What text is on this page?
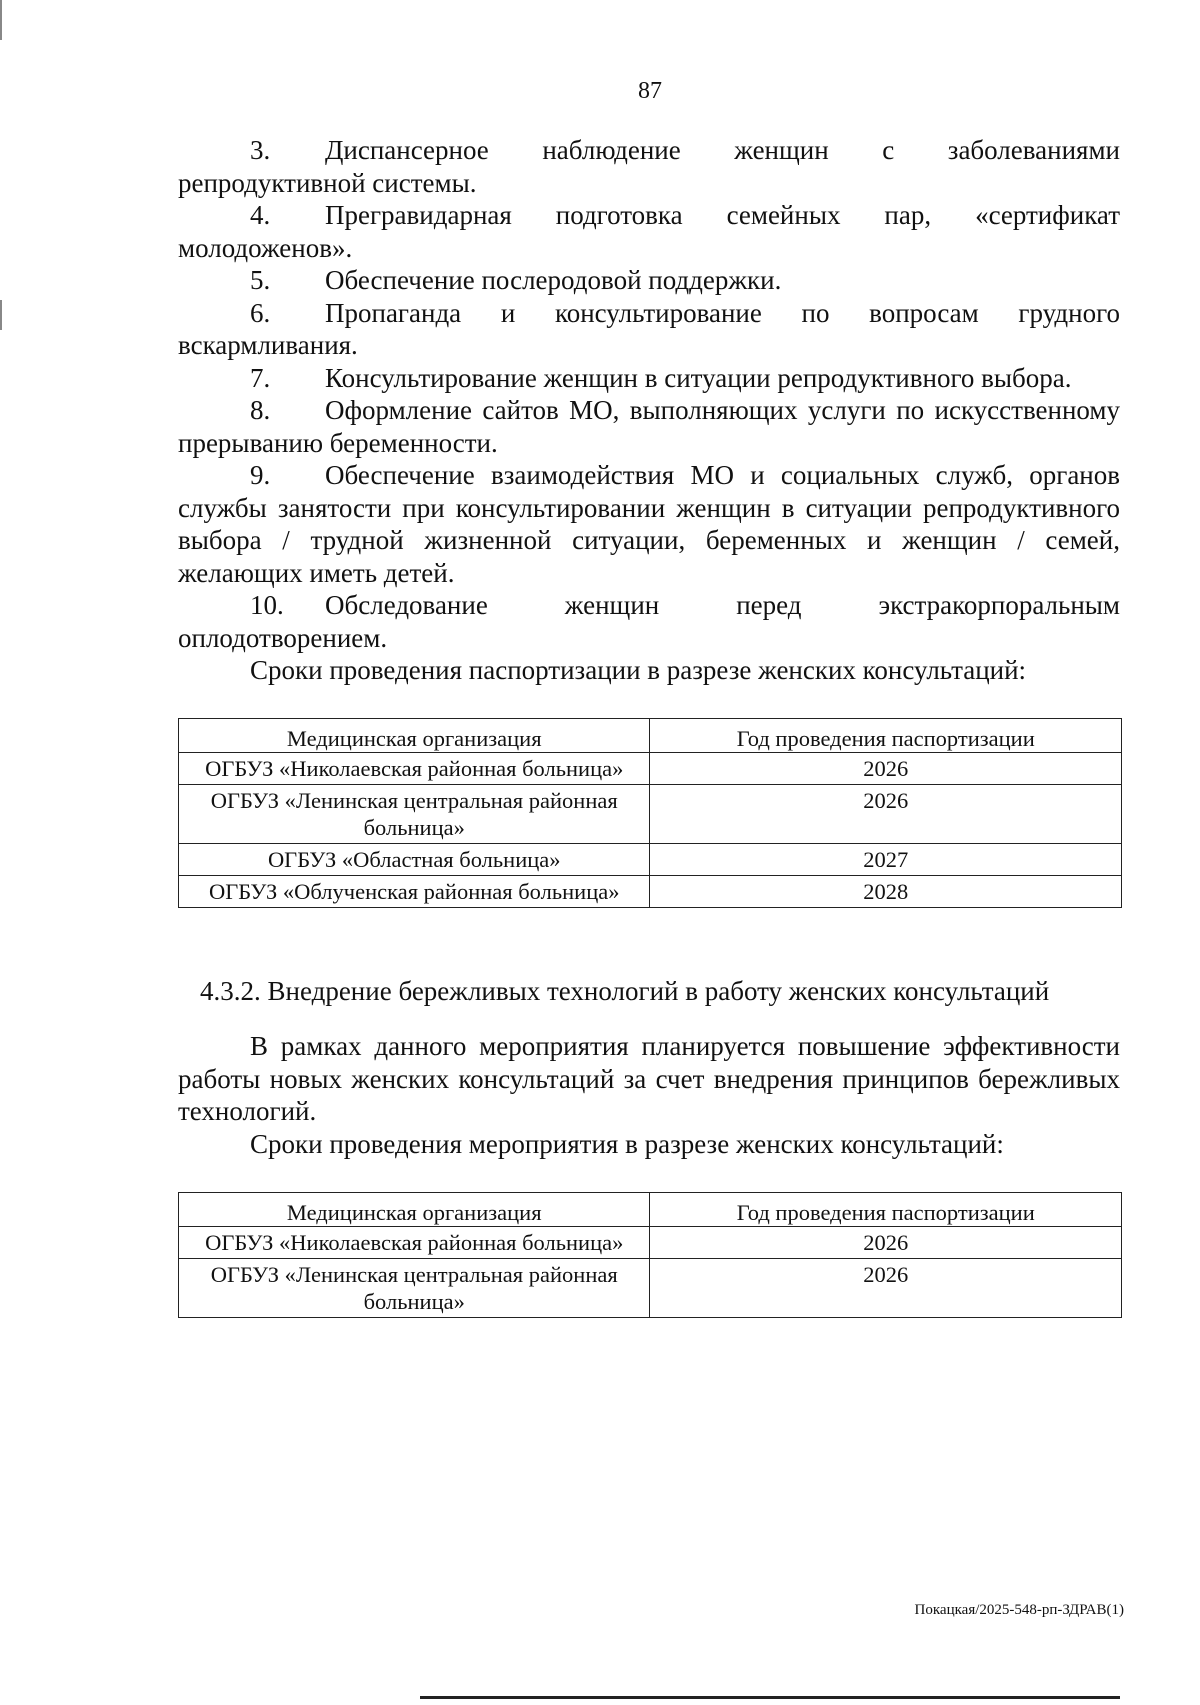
87

3. Диспансерное наблюдение женщин с заболеваниями репродуктивной системы.

4. Прегравидарная подготовка семейных пар, «сертификат молодоженов».

5. Обеспечение послеродовой поддержки.

6. Пропаганда и консультирование по вопросам грудного вскармливания.

7. Консультирование женщин в ситуации репродуктивного выбора.

8. Оформление сайтов МО, выполняющих услуги по искусственному прерыванию беременности.

9. Обеспечение взаимодействия МО и социальных служб, органов службы занятости при консультировании женщин в ситуации репродуктивного выбора / трудной жизненной ситуации, беременных и женщин / семей, желающих иметь детей.

10. Обследование женщин перед экстракорпоральным оплодотворением.

Сроки проведения паспортизации в разрезе женских консультаций:

Медицинская организация	Год проведения паспортизации
ОГБУЗ «Николаевская районная больница»	2026
ОГБУЗ «Ленинская центральная районная больница»	2026
ОГБУЗ «Областная больница»	2027
ОГБУЗ «Облученская районная больница»	2028
4.3.2. Внедрение бережливых технологий в работу женских консультаций

В рамках данного мероприятия планируется повышение эффективности работы новых женских консультаций за счет внедрения принципов бережливых технологий.

Сроки проведения мероприятия в разрезе женских консультаций:

Медицинская организация	Год проведения паспортизации
ОГБУЗ «Николаевская районная больница»	2026
ОГБУЗ «Ленинская центральная районная больница»	2026
Покацкая/2025-548-рп-ЗДРАВ(1)
